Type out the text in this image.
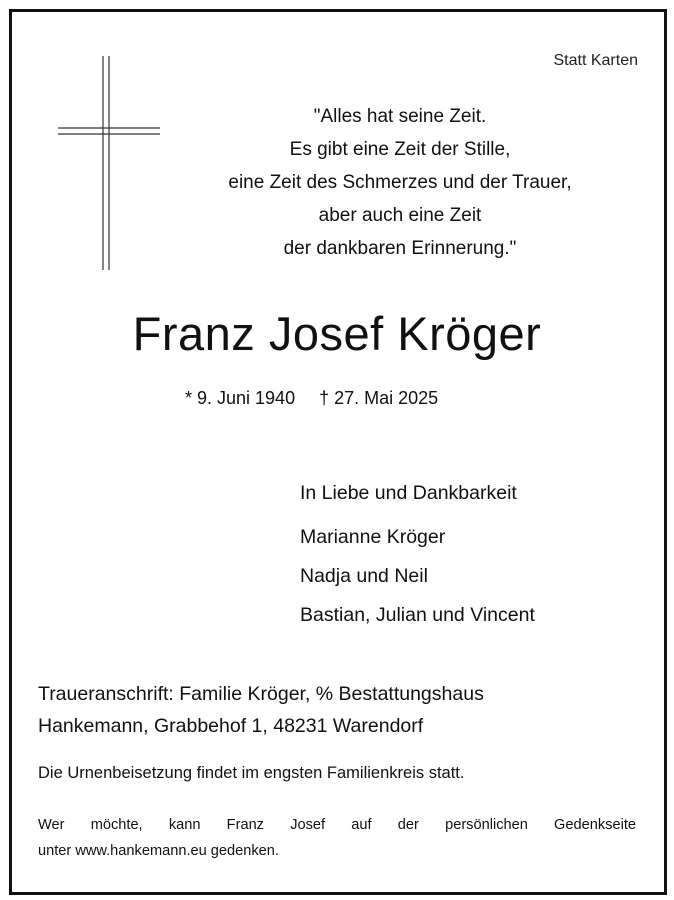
Statt Karten
"Alles hat seine Zeit.
Es gibt eine Zeit der Stille,
eine Zeit des Schmerzes und der Trauer,
aber auch eine Zeit
der dankbaren Erinnerung."
Franz Josef Kröger
* 9. Juni 1940 † 27. Mai 2025
In Liebe und Dankbarkeit
Marianne Kröger
Nadja und Neil
Bastian, Julian und Vincent
Traueranschrift: Familie Kröger, % Bestattungshaus
Hankemann, Grabbehof 1, 48231 Warendorf
Die Urnenbeisetzung findet im engsten Familienkreis statt.
Wer möchte, kann Franz Josef auf der persönlichen Gedenkseite
unter www.hankemann.eu gedenken.
